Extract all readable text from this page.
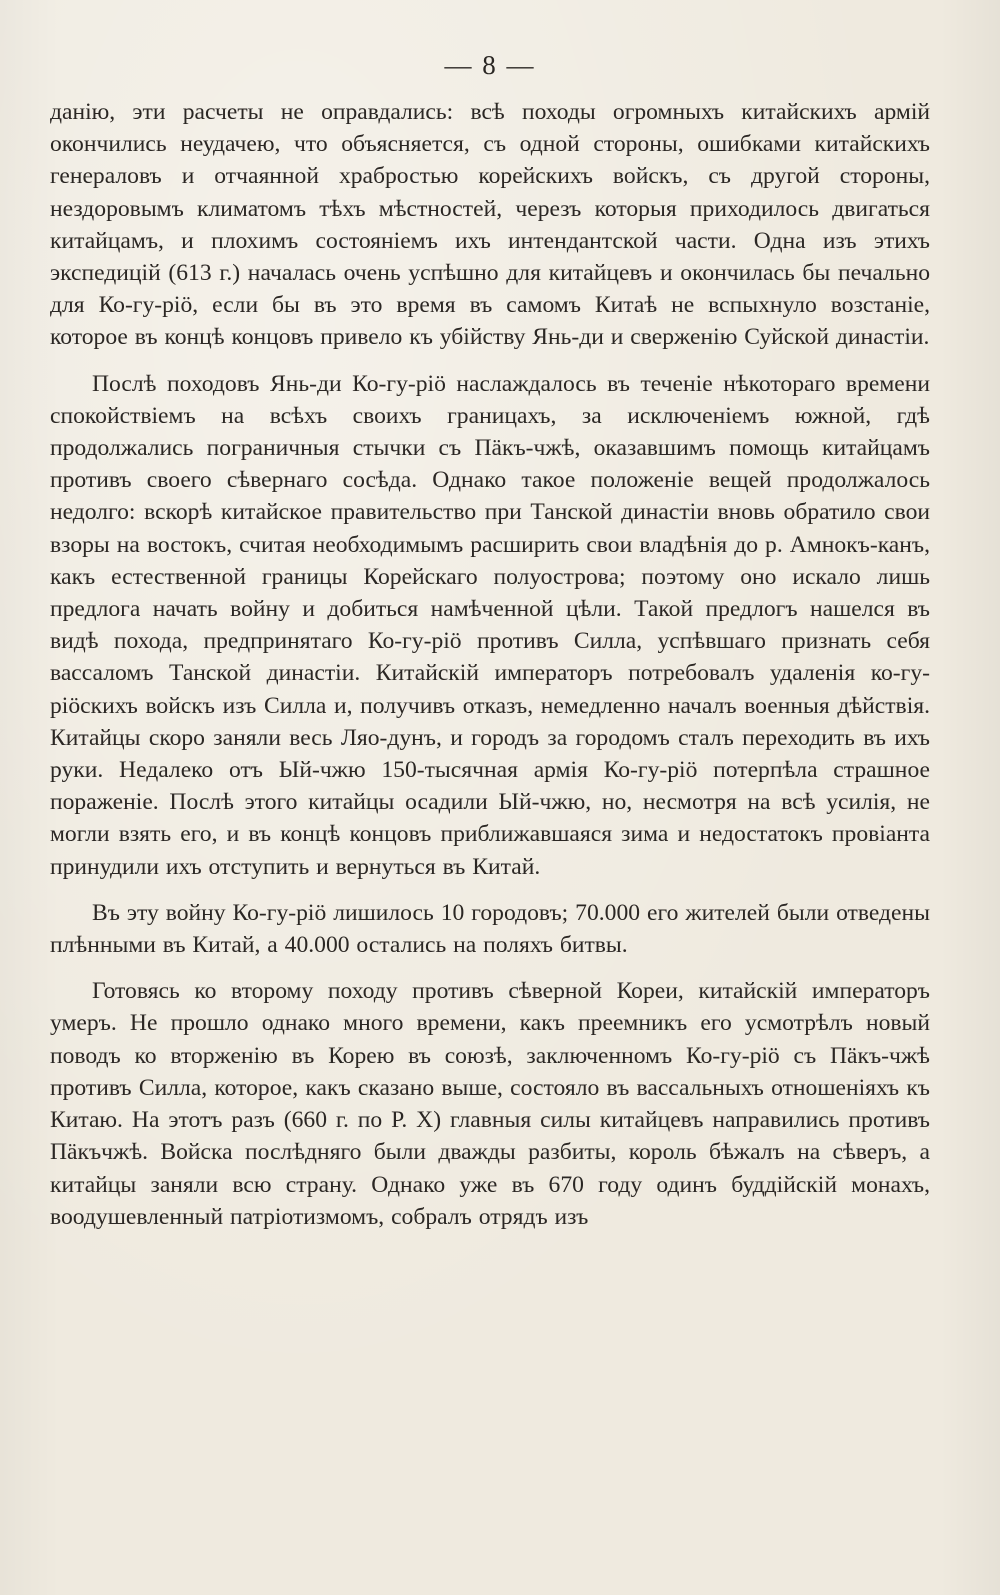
— 8 —

данію, эти расчеты не оправдались: всѣ походы огромныхъ китайскихъ армій окончились неудачею, что объясняется, съ одной стороны, ошибками китайскихъ генераловъ и отчаянной храбростью корейскихъ войскъ, съ другой стороны, нездоровымъ климатомъ тѣхъ мѣстностей, черезъ которыя приходилось двигаться китайцамъ, и плохимъ состояніемъ ихъ интендантской части. Одна изъ этихъ экспедицій (613 г.) началась очень успѣшно для китайцевъ и окончилась бы печально для Ко-гу-ріö, если бы въ это время въ самомъ Китаѣ не вспыхнуло возстаніе, которое въ концѣ концовъ привело къ убійству Янь-ди и сверженію Суйской династіи.

Послѣ походовъ Янь-ди Ко-гу-ріö наслаждалось въ теченіе нѣкотораго времени спокойствіемъ на всѣхъ своихъ границахъ, за исключеніемъ южной, гдѣ продолжались пограничныя стычки съ Пäкъ-чжѣ, оказавшимъ помощь китайцамъ противъ своего сѣвернаго сосѣда. Однако такое положеніе вещей продолжалось недолго: вскорѣ китайское правительство при Танской династіи вновь обратило свои взоры на востокъ, считая необходимымъ расширить свои владѣнія до р. Амнокъ-канъ, какъ естественной границы Корейскаго полуострова; поэтому оно искало лишь предлога начать войну и добиться намѣченной цѣли. Такой предлогъ нашелся въ видѣ похода, предпринятаго Ко-гу-ріö противъ Силла, успѣвшаго признать себя вассаломъ Танской династіи. Китайскій императоръ потребовалъ удаленія ко-гу-ріöскихъ войскъ изъ Силла и, получивъ отказъ, немедленно началъ военныя дѣйствія. Китайцы скоро заняли весь Ляо-дунъ, и городъ за городомъ сталъ переходить въ ихъ руки. Недалеко отъ Ый-чжю 150-тысячная армія Ко-гу-ріö потерпѣла страшное пораженіе. Послѣ этого китайцы осадили Ый-чжю, но, несмотря на всѣ усилія, не могли взять его, и въ концѣ концовъ приближавшаяся зима и недостатокъ провіанта принудили ихъ отступить и вернуться въ Китай.

Въ эту войну Ко-гу-ріö лишилось 10 городовъ; 70.000 его жителей были отведены плѣнными въ Китай, а 40.000 остались на поляхъ битвы.

Готовясь ко второму походу противъ сѣверной Кореи, китайскій императоръ умеръ. Не прошло однако много времени, какъ преемникъ его усмотрѣлъ новый поводъ ко вторженію въ Корею въ союзѣ, заключенномъ Ко-гу-ріö съ Пäкъ-чжѣ противъ Силла, которое, какъ сказано выше, состояло въ вассальныхъ отношеніяхъ къ Китаю. На этотъ разъ (660 г. по Р. Х) главныя силы китайцевъ направились противъ Пäкъчжѣ. Войска послѣдняго были дважды разбиты, король бѣжалъ на сѣверъ, а китайцы заняли всю страну. Однако уже въ 670 году одинъ буддійскій монахъ, воодушевленный патріотизмомъ, собралъ отрядъ изъ
